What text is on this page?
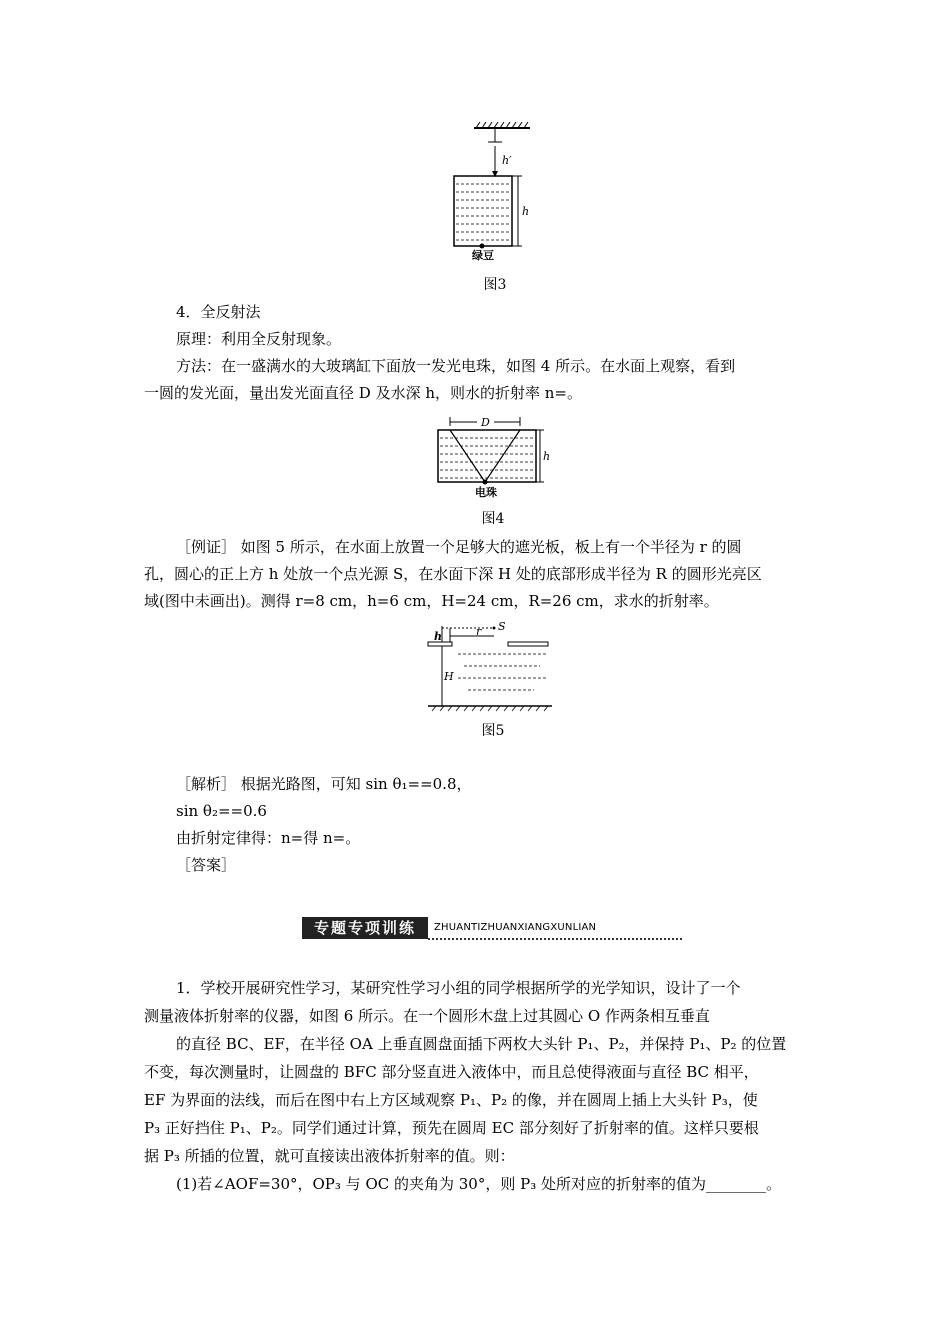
h′
h
绿豆
图3
4．全反射法
原理：利用全反射现象。
方法：在一盛满水的大玻璃缸下面放一发光电珠，如图 4 所示。在水面上观察，看到
一圆的发光面，量出发光面直径 D 及水深 h，则水的折射率 n=。
D
h
电珠
图4
［例证］ 如图 5 所示，在水面上放置一个足够大的遮光板，板上有一个半径为 r 的圆
孔，圆心的正上方 h 处放一个点光源 S，在水面下深 H 处的底部形成半径为 R 的圆形光亮区
域(图中未画出)。测得 r=8 cm，h=6 cm，H=24 cm，R=26 cm，求水的折射率。
h	r S
H
图5
［解析］ 根据光路图，可知 sin θ₁==0.8，
sin θ₂==0.6
由折射定律得：n=得 n=。
［答案］
专题专项训练	ZHUANTIZHUANXIANGXUNLIAN
1．学校开展研究性学习，某研究性学习小组的同学根据所学的光学知识，设计了一个
测量液体折射率的仪器，如图 6 所示。在一个圆形木盘上过其圆心 O 作两条相互垂直
的直径 BC、EF，在半径 OA 上垂直圆盘面插下两枚大头针 P₁、P₂，并保持 P₁、P₂ 的位置
不变，每次测量时，让圆盘的 BFC 部分竖直进入液体中，而且总使得液面与直径 BC 相平，
EF 为界面的法线，而后在图中右上方区域观察 P₁、P₂ 的像，并在圆周上插上大头针 P₃，使
P₃ 正好挡住 P₁、P₂。同学们通过计算，预先在圆周 EC 部分刻好了折射率的值。这样只要根
据 P₃ 所插的位置，就可直接读出液体折射率的值。则：
(1)若∠AOF=30°，OP₃ 与 OC 的夹角为 30°，则 P₃ 处所对应的折射率的值为________。
